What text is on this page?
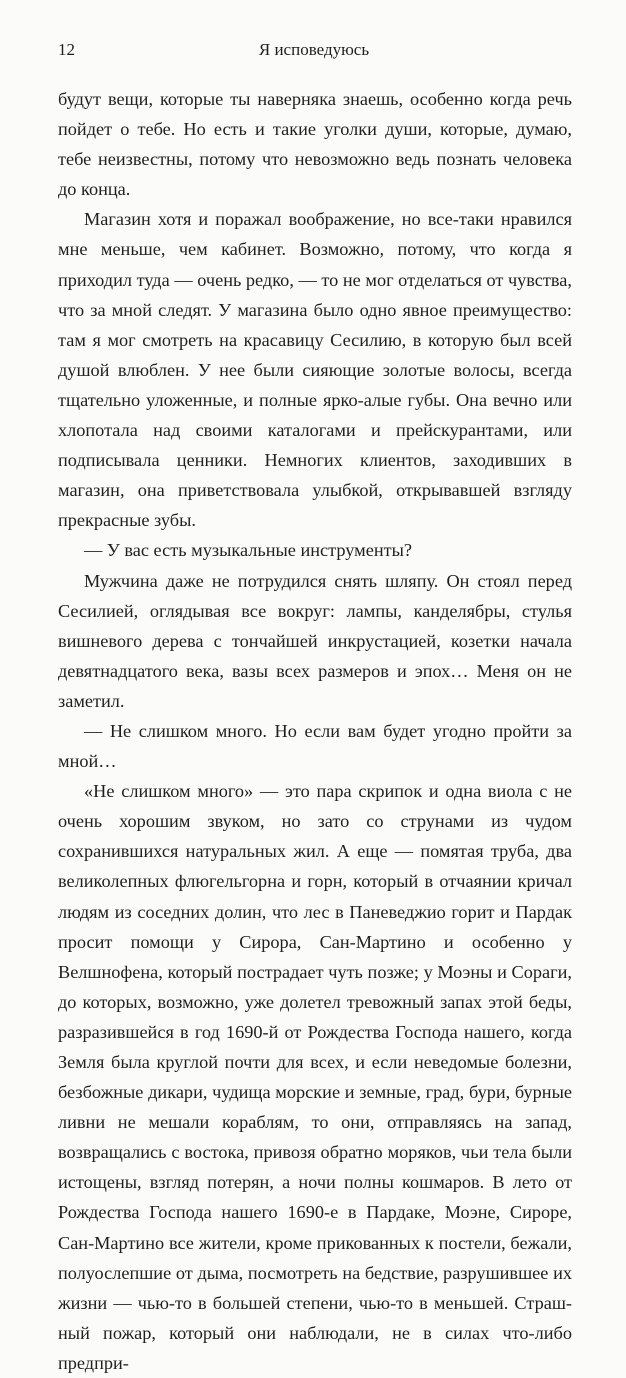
12	Я исповедуюсь

будут вещи, которые ты наверняка знаешь, особенно когда речь пойдет о тебе. Но есть и такие уголки души, которые, думаю, тебе неизвестны, потому что невозможно ведь познать человека до конца.

Магазин хотя и поражал воображение, но все-таки нравился мне меньше, чем кабинет. Возможно, потому, что когда я приходил туда — очень редко, — то не мог отделаться от чувства, что за мной следят. У магазина было одно явное преимущество: там я мог смотреть на красавицу Сесилию, в которую был всей душой влюблен. У нее были сияющие золотые волосы, всегда тщательно уложенные, и полные ярко-алые губы. Она вечно или хлопотала над своими каталогами и прейскурантами, или подписывала ценники. Немногих клиентов, заходивших в магазин, она приветствовала улыбкой, открывавшей взгляду прекрасные зубы.

— У вас есть музыкальные инструменты?

Мужчина даже не потрудился снять шляпу. Он стоял перед Сесилией, оглядывая все вокруг: лампы, канделябры, стулья вишневого дерева с тончайшей инкрустацией, козетки начала девятнадцатого века, вазы всех размеров и эпох… Меня он не заметил.

— Не слишком много. Но если вам будет угодно пройти за мной…

«Не слишком много» — это пара скрипок и одна виола с не очень хорошим звуком, но зато со струнами из чудом сохранившихся натуральных жил. А еще — помятая труба, два великолепных флюгельгорна и горн, который в отчаянии кричал людям из соседних долин, что лес в Паневеджио горит и Пардак просит помощи у Сирора, Сан-Мартино и особенно у Велшнофена, который пострадает чуть позже; у Моэны и Сораги, до которых, возможно, уже долетел тревожный запах этой беды, разразившейся в год 1690-й от Рождества Господа нашего, когда Земля была круглой почти для всех, и если неведомые болезни, безбожные дикари, чудища морские и земные, град, бури, бурные ливни не мешали кораблям, то они, отправляясь на запад, возвращались с востока, привозя обратно моряков, чьи тела были истощены, взгляд потерян, а ночи полны кошмаров. В лето от Рождества Господа нашего 1690-е в Пардаке, Моэне, Сироре, Сан-Мартино все жители, кроме прикованных к постели, бежали, полуослепшие от дыма, посмотреть на бедствие, разрушившее их жизни — чью-то в большей степени, чью-то в меньшей. Страшный пожар, который они наблюдали, не в силах что-либо предпри-
